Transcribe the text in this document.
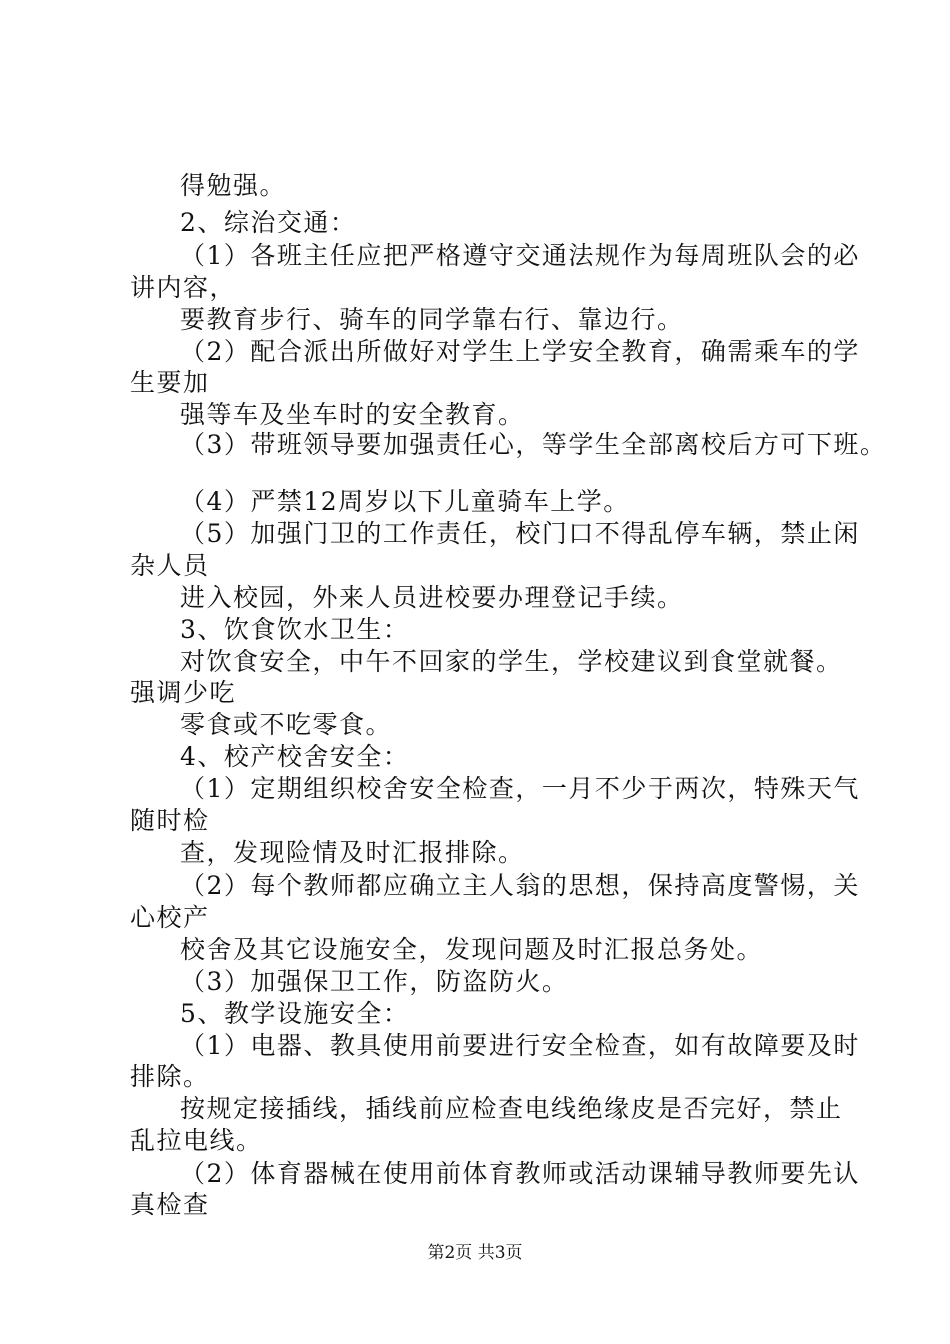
得勉强。
2、综治交通：
（1）各班主任应把严格遵守交通法规作为每周班队会的必
讲内容，
要教育步行、骑车的同学靠右行、靠边行。
（2）配合派出所做好对学生上学安全教育，确需乘车的学
生要加
强等车及坐车时的安全教育。
（3）带班领导要加强责任心，等学生全部离校后方可下班。
（4）严禁12周岁以下儿童骑车上学。
（5）加强门卫的工作责任，校门口不得乱停车辆，禁止闲
杂人员
进入校园，外来人员进校要办理登记手续。
3、饮食饮水卫生：
对饮食安全，中午不回家的学生，学校建议到食堂就餐。
强调少吃
零食或不吃零食。
4、校产校舍安全：
（1）定期组织校舍安全检查，一月不少于两次，特殊天气
随时检
查，发现险情及时汇报排除。
（2）每个教师都应确立主人翁的思想，保持高度警惕，关
心校产
校舍及其它设施安全，发现问题及时汇报总务处。
（3）加强保卫工作，防盗防火。
5、教学设施安全：
（1）电器、教具使用前要进行安全检查，如有故障要及时
排除。
按规定接插线，插线前应检查电线绝缘皮是否完好，禁止
乱拉电线。
（2）体育器械在使用前体育教师或活动课辅导教师要先认
真检查
第2页 共3页
